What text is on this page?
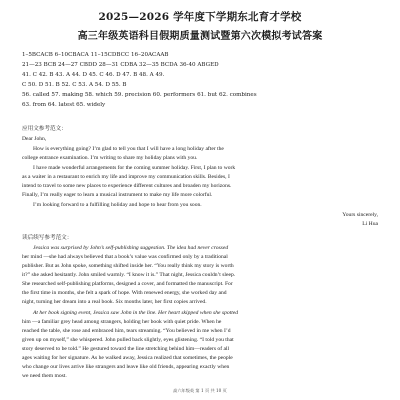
2025—2026 学年度下学期东北育才学校
高三年级英语科目假期质量测试暨第六次模拟考试答案
1–5BCACB 6–10CBACA 11–15CDBCC 16–20ACAAB
21—23 BCB 24—27 CBDD 28—31 CDBA 32—35 BCDA 36-40 ABGED
41. C 42. B 43. A 44. D 45. C 46. D 47. B 48. A 49.
C 50. D 51. B 52. C 53. A 54. D 55. B
56. called 57. making 58. which 59. precision 60. performers 61. but 62. combines
63. from 64. latest 65. widely
应用文参考范文：
Dear John,
How is everything going? I’m glad to tell you that I will have a long holiday after the
college entrance examination. I’m writing to share my holiday plans with you.
I have made wonderful arrangements for the coming summer holiday. First, I plan to work
as a waiter in a restaurant to enrich my life and improve my communication skills. Besides, I
intend to travel to some new places to experience different cultures and broaden my horizons.
Finally, I’m really eager to learn a musical instrument to make my life more colorful.
I’m looking forward to a fulfilling holiday and hope to hear from you soon.
Yours sincerely,
Li Hua
读后续写参考范文：
Jessica was surprised by John’s self-publishing suggestion. The idea had never crossed
her mind —she had always believed that a book’s value was confirmed only by a traditional
publisher. But as John spoke, something shifted inside her. “You really think my story is worth
it?” she asked hesitantly. John smiled warmly. “I know it is.” That night, Jessica couldn’t sleep.
She researched self-publishing platforms, designed a cover, and formatted the manuscript. For
the first time in months, she felt a spark of hope. With renewed energy, she worked day and
night, turning her dream into a real book. Six months later, her first copies arrived.
At her book signing event, Jessica saw John in the line. Her heart skipped when she spotted
him —a familiar grey head among strangers, holding her book with quiet pride. When he
reached the table, she rose and embraced him, tears streaming. “You believed in me when I’d
given up on myself,” she whispered. John pulled back slightly, eyes glistening. “I told you that
story deserved to be told.” He gestured toward the line stretching behind him—readers of all
ages waiting for her signature. As he walked away, Jessica realized that sometimes, the people
who change our lives arrive like strangers and leave like old friends, appearing exactly when
we need them most.
高六年级英 第 1 页 共 10 页
